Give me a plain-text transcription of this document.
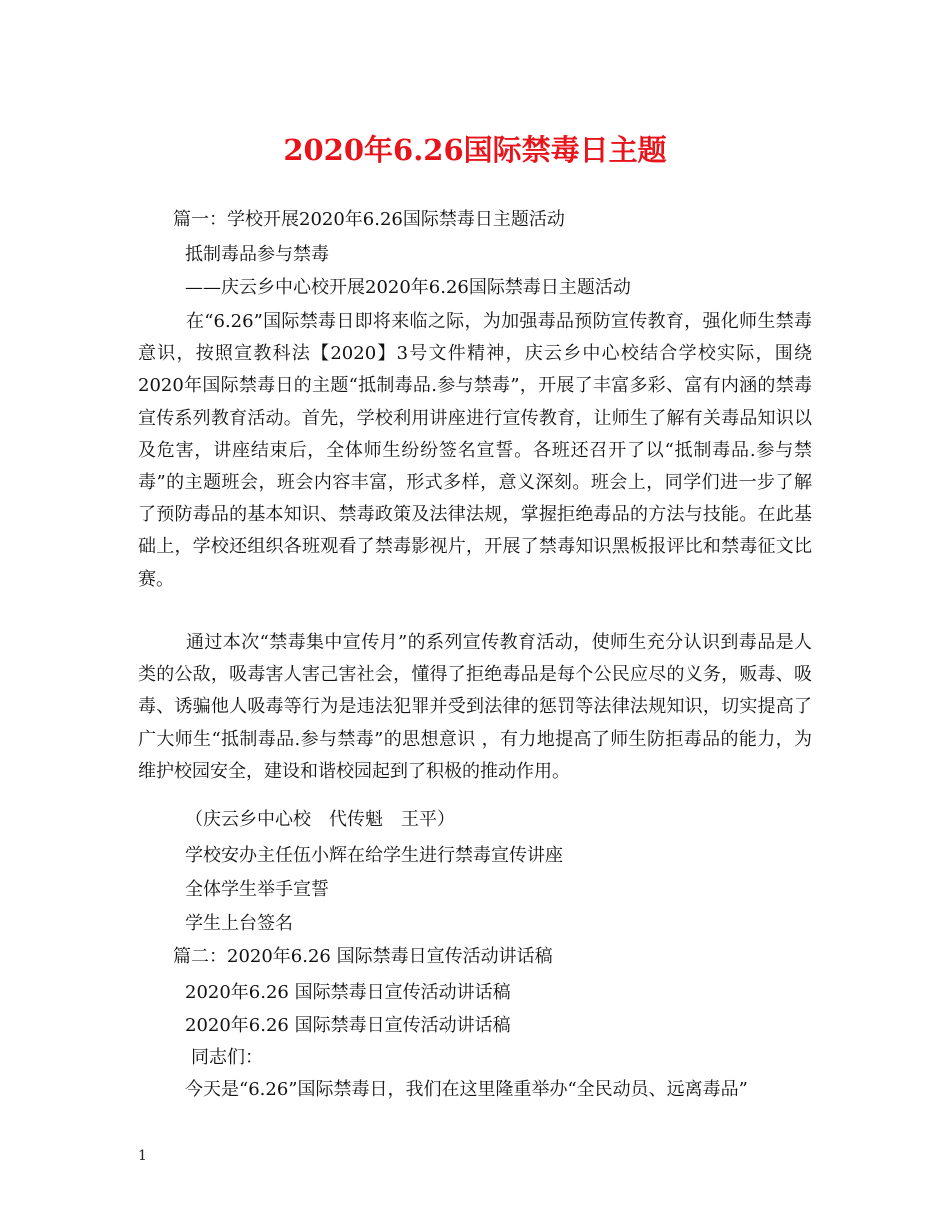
2020年6.26国际禁毒日主题

篇一：学校开展2020年6.26国际禁毒日主题活动

抵制毒品参与禁毒

——庆云乡中心校开展2020年6.26国际禁毒日主题活动

在“6.26”国际禁毒日即将来临之际，为加强毒品预防宣传教育，强化师生禁毒意识，按照宣教科法【2020】3号文件精神，庆云乡中心校结合学校实际，围绕2020年国际禁毒日的主题“抵制毒品.参与禁毒”，开展了丰富多彩、富有内涵的禁毒宣传系列教育活动。首先，学校利用讲座进行宣传教育，让师生了解有关毒品知识以及危害，讲座结束后，全体师生纷纷签名宣誓。各班还召开了以“抵制毒品.参与禁毒”的主题班会，班会内容丰富，形式多样，意义深刻。班会上，同学们进一步了解了预防毒品的基本知识、禁毒政策及法律法规，掌握拒绝毒品的方法与技能。在此基础上，学校还组织各班观看了禁毒影视片，开展了禁毒知识黑板报评比和禁毒征文比赛。

通过本次“禁毒集中宣传月”的系列宣传教育活动，使师生充分认识到毒品是人类的公敌，吸毒害人害己害社会，懂得了拒绝毒品是每个公民应尽的义务，贩毒、吸毒、诱骗他人吸毒等行为是违法犯罪并受到法律的惩罚等法律法规知识，切实提高了广大师生“抵制毒品.参与禁毒”的思想意识 ，有力地提高了师生防拒毒品的能力，为维护校园安全，建设和谐校园起到了积极的推动作用。

（庆云乡中心校　代传魁　王平）

学校安办主任伍小辉在给学生进行禁毒宣传讲座

全体学生举手宣誓

学生上台签名

篇二：2020年6.26 国际禁毒日宣传活动讲话稿

2020年6.26 国际禁毒日宣传活动讲话稿

2020年6.26 国际禁毒日宣传活动讲话稿

同志们：

今天是“6.26”国际禁毒日，我们在这里隆重举办“全民动员、远离毒品”

1
